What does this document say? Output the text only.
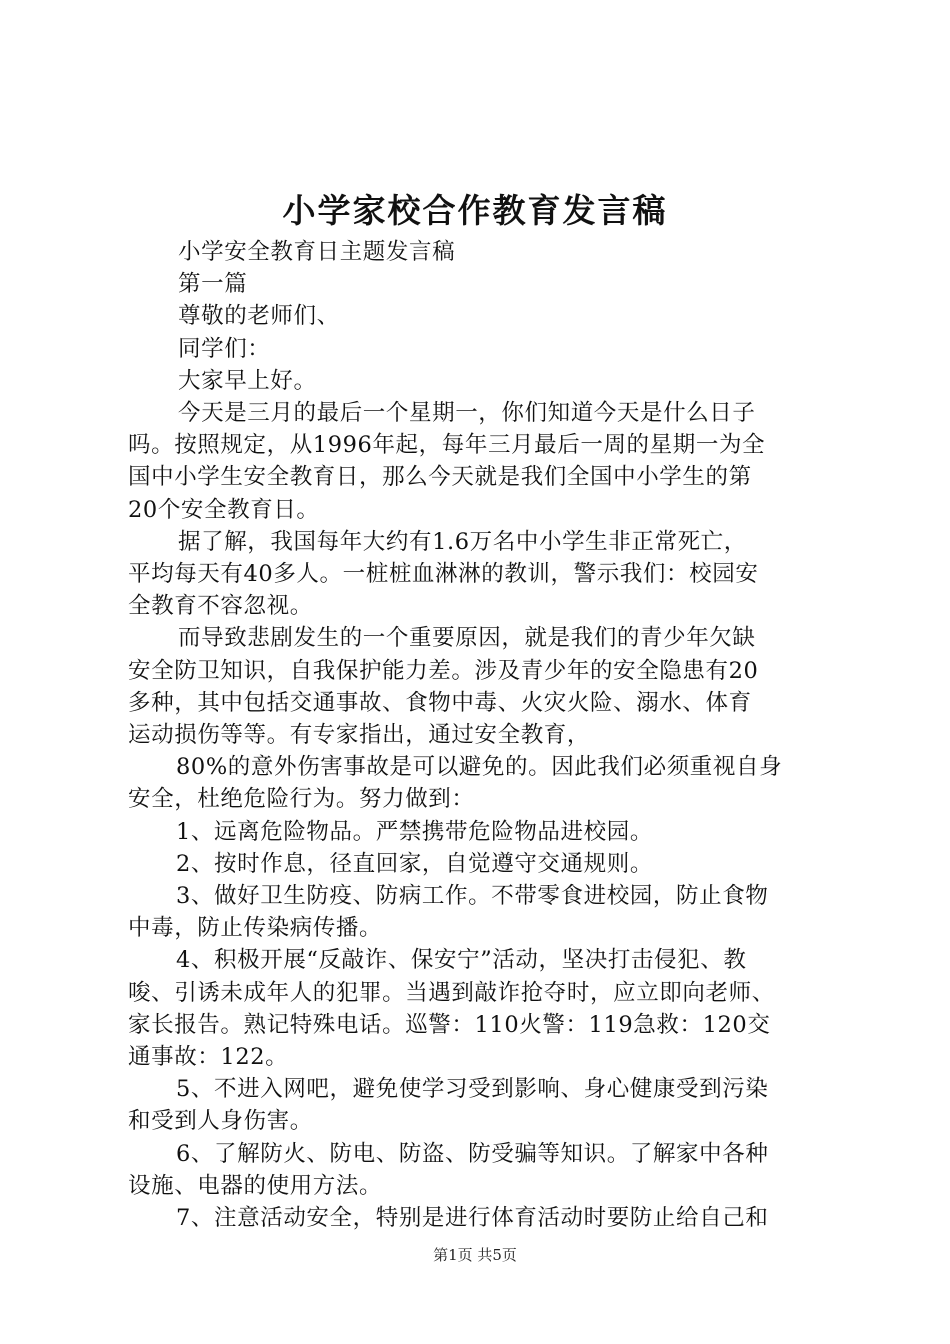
小学家校合作教育发言稿
小学安全教育日主题发言稿
第一篇
尊敬的老师们、
同学们：
大家早上好。
今天是三月的最后一个星期一，你们知道今天是什么日子
吗。按照规定，从1996年起，每年三月最后一周的星期一为全
国中小学生安全教育日，那么今天就是我们全国中小学生的第
20个安全教育日。
据了解，我国每年大约有1.6万名中小学生非正常死亡，
平均每天有40多人。一桩桩血淋淋的教训，警示我们：校园安
全教育不容忽视。
而导致悲剧发生的一个重要原因，就是我们的青少年欠缺
安全防卫知识，自我保护能力差。涉及青少年的安全隐患有20
多种，其中包括交通事故、食物中毒、火灾火险、溺水、体育
运动损伤等等。有专家指出，通过安全教育，
80%的意外伤害事故是可以避免的。因此我们必须重视自身
安全，杜绝危险行为。努力做到：
1、远离危险物品。严禁携带危险物品进校园。
2、按时作息，径直回家，自觉遵守交通规则。
3、做好卫生防疫、防病工作。不带零食进校园，防止食物
中毒，防止传染病传播。
4、积极开展“反敲诈、保安宁”活动，坚决打击侵犯、教
唆、引诱未成年人的犯罪。当遇到敲诈抢夺时，应立即向老师、
家长报告。熟记特殊电话。巡警：110火警：119急救：120交
通事故：122。
5、不进入网吧，避免使学习受到影响、身心健康受到污染
和受到人身伤害。
6、了解防火、防电、防盗、防受骗等知识。了解家中各种
设施、电器的使用方法。
7、注意活动安全，特别是进行体育活动时要防止给自己和
第1页 共5页
